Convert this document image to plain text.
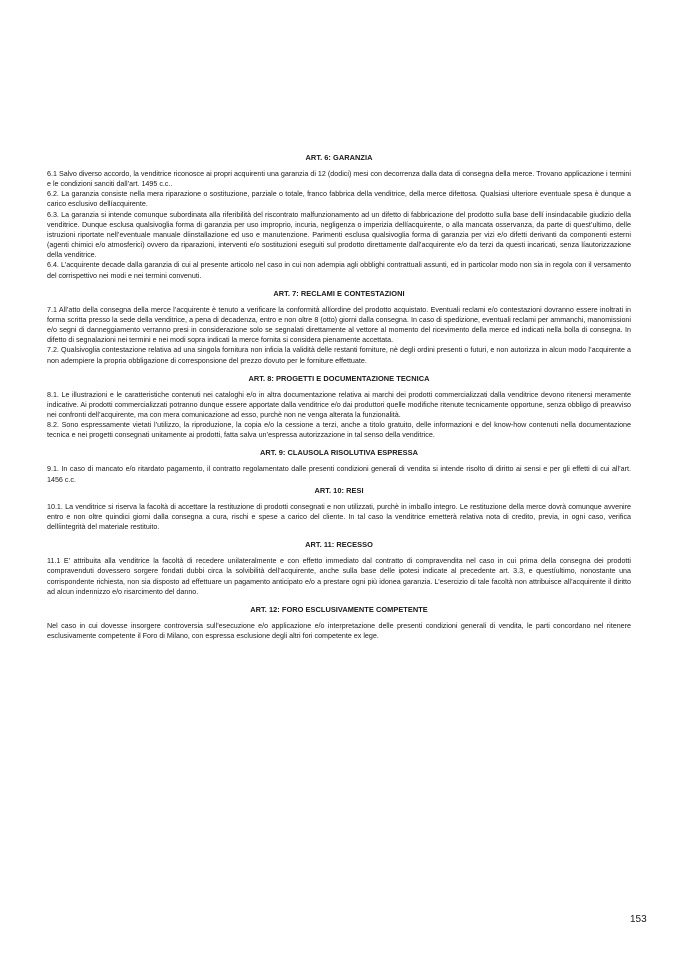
ART. 6: GARANZIA

6.1 Salvo diverso accordo, la venditrice riconosce ai propri acquirenti una garanzia di 12 (dodici) mesi con decorrenza dalla data di consegna della merce. Trovano applicazione i termini e le condizioni sanciti dall’art. 1495 c.c..

6.2. La garanzia consiste nella mera riparazione o sostituzione, parziale o totale, franco fabbrica della venditrice, della merce difettosa. Qualsiasi ulteriore eventuale spesa è dunque a carico esclusivo dellíacquirente.

6.3. La garanzia si intende comunque subordinata alla riferibilità del riscontrato malfunzionamento ad un difetto di fabbricazione del prodotto sulla base dellí insindacabile giudizio della venditrice. Dunque esclusa qualsivoglia forma di garanzia per uso improprio, incuria, negligenza o imperizia dellíacquirente, o alla mancata osservanza, da parte di quest’ultimo, delle istruzioni riportate nell’eventuale manuale díinstallazione ed uso e manutenzione. Parimenti esclusa qualsivoglia forma di garanzia per vizi e/o difetti derivanti da componenti esterni (agenti chimici e/o atmosferici) ovvero da riparazioni, interventi e/o sostituzioni eseguiti sul prodotto direttamente dall’acquirente e/o da terzi da questi incaricati, senza líautorizzazione della venditrice.

6.4. L’acquirente decade dalla garanzia di cui al presente articolo nel caso in cui non adempia agli obblighi contrattuali assunti, ed in particolar modo non sia in regola con il versamento del corrispettivo nei modi e nei termini convenuti.

ART. 7: RECLAMI E CONTESTAZIONI

7.1 All’atto della consegna della merce l’acquirente è tenuto a verificare la conformità allíordine del prodotto acquistato. Eventuali reclami e/o contestazioni dovranno essere inoltrati in forma scritta presso la sede della venditrice, a pena di decadenza, entro e non oltre 8 (otto) giorni dalla consegna. In caso di spedizione, eventuali reclami per ammanchi, manomissioni e/o segni di danneggiamento verranno presi in considerazione solo se segnalati direttamente al vettore al momento del ricevimento della merce ed indicati nella bolla di consegna. In difetto di segnalazioni nei termini e nei modi sopra indicati la merce fornita si considera pienamente accettata.

7.2. Qualsivoglia contestazione relativa ad una singola fornitura non inficia la validità delle restanti forniture, nè degli ordini presenti o futuri, e non autorizza in alcun modo l’acquirente a non adempiere la propria obbligazione di corresponsione del prezzo dovuto per le forniture effettuate.

ART. 8: PROGETTI E DOCUMENTAZIONE TECNICA

8.1. Le illustrazioni e le caratteristiche contenuti nei cataloghi e/o in altra documentazione relativa ai marchi dei prodotti commercializzati dalla venditrice devono ritenersi meramente indicative. Ai prodotti commercializzati potranno dunque essere apportate dalla venditrice e/o dai produttori quelle modifiche ritenute tecnicamente opportune, senza obbligo di preavviso nei confronti dell’acquirente, ma con mera comunicazione ad esso, purchè non ne venga alterata la funzionalità.

8.2. Sono espressamente vietati l’utilizzo, la riproduzione, la copia e/o la cessione a terzi, anche a titolo gratuito, delle informazioni e del know-how contenuti nella documentazione tecnica e nei progetti consegnati unitamente ai prodotti, fatta salva un’espressa autorizzazione in tal senso della venditrice.

ART. 9: CLAUSOLA RISOLUTIVA ESPRESSA

9.1. In caso di mancato e/o ritardato pagamento, il contratto regolamentato dalle presenti condizioni generali di vendita si intende risolto di diritto ai sensi e per gli effetti di cui all’art. 1456 c.c.

ART. 10: RESI

10.1. La venditrice si riserva la facoltà di accettare la restituzione di prodotti consegnati e non utilizzati, purchè in imballo integro. Le restituzione della merce dovrà comunque avvenire entro e non oltre quindici giorni dalla consegna a cura, rischi e spese a carico del cliente. In tal caso la venditrice emetterà relativa nota di credito, previa, in ogni caso, verifica dellíintegrità del materiale restituito.

ART. 11: RECESSO

11.1 E’ attribuita alla venditrice la facoltà di recedere unilateralmente e con effetto immediato dal contratto di compravendita nel caso in cui prima della consegna dei prodotti compravenduti dovessero sorgere fondati dubbi circa la solvibilità dell’acquirente, anche sulla base delle ipotesi indicate al precedente art. 3.3, e questíultimo, nonostante una corrispondente richiesta, non sia disposto ad effettuare un pagamento anticipato e/o a prestare ogni più idonea garanzia. L’esercizio di tale facoltà non attribuisce all’acquirente il diritto ad alcun indennizzo e/o risarcimento del danno.

ART. 12: FORO ESCLUSIVAMENTE COMPETENTE

Nel caso in cui dovesse insorgere controversia sull’esecuzione e/o applicazione e/o interpretazione delle presenti condizioni generali di vendita, le parti concordano nel ritenere esclusivamente competente il Foro di Milano, con espressa esclusione degli altri fori competente ex lege.

153
